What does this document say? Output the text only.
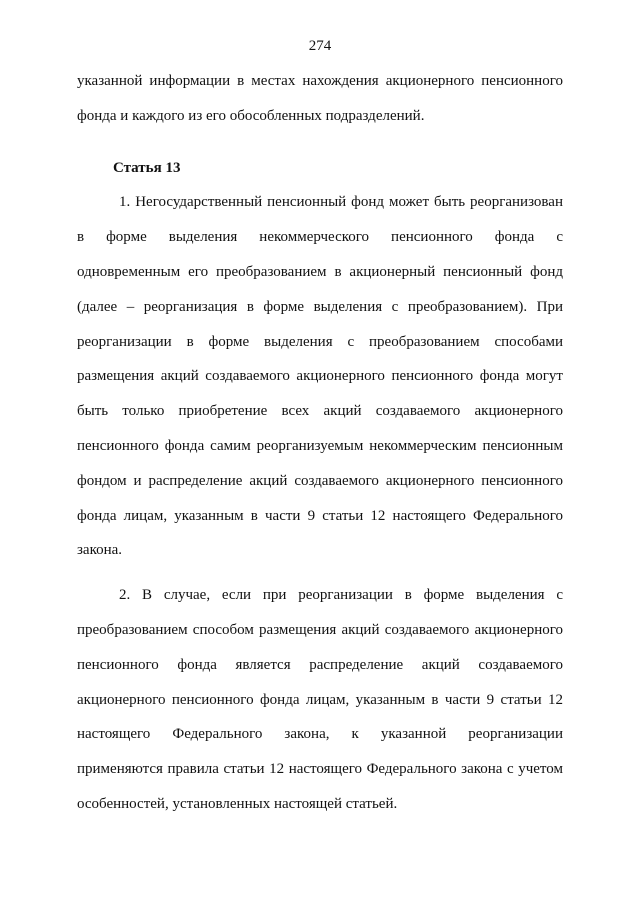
274
указанной информации в местах нахождения акционерного пенсионного
фонда и каждого из его обособленных подразделений.
Статья 13
1. Негосударственный пенсионный фонд может быть реорганизован
в форме выделения некоммерческого пенсионного фонда с
одновременным его преобразованием в акционерный пенсионный фонд
(далее – реорганизация в форме выделения с преобразованием). При
реорганизации в форме выделения с преобразованием способами
размещения акций создаваемого акционерного пенсионного фонда могут
быть только приобретение всех акций создаваемого акционерного
пенсионного фонда самим реорганизуемым некоммерческим пенсионным
фондом и распределение акций создаваемого акционерного пенсионного
фонда лицам, указанным в части 9 статьи 12 настоящего Федерального
закона.
2. В случае, если при реорганизации в форме выделения с
преобразованием способом размещения акций создаваемого акционерного
пенсионного фонда является распределение акций создаваемого
акционерного пенсионного фонда лицам, указанным в части 9 статьи 12
настоящего Федерального закона, к указанной реорганизации
применяются правила статьи 12 настоящего Федерального закона с учетом
особенностей, установленных настоящей статьей.
